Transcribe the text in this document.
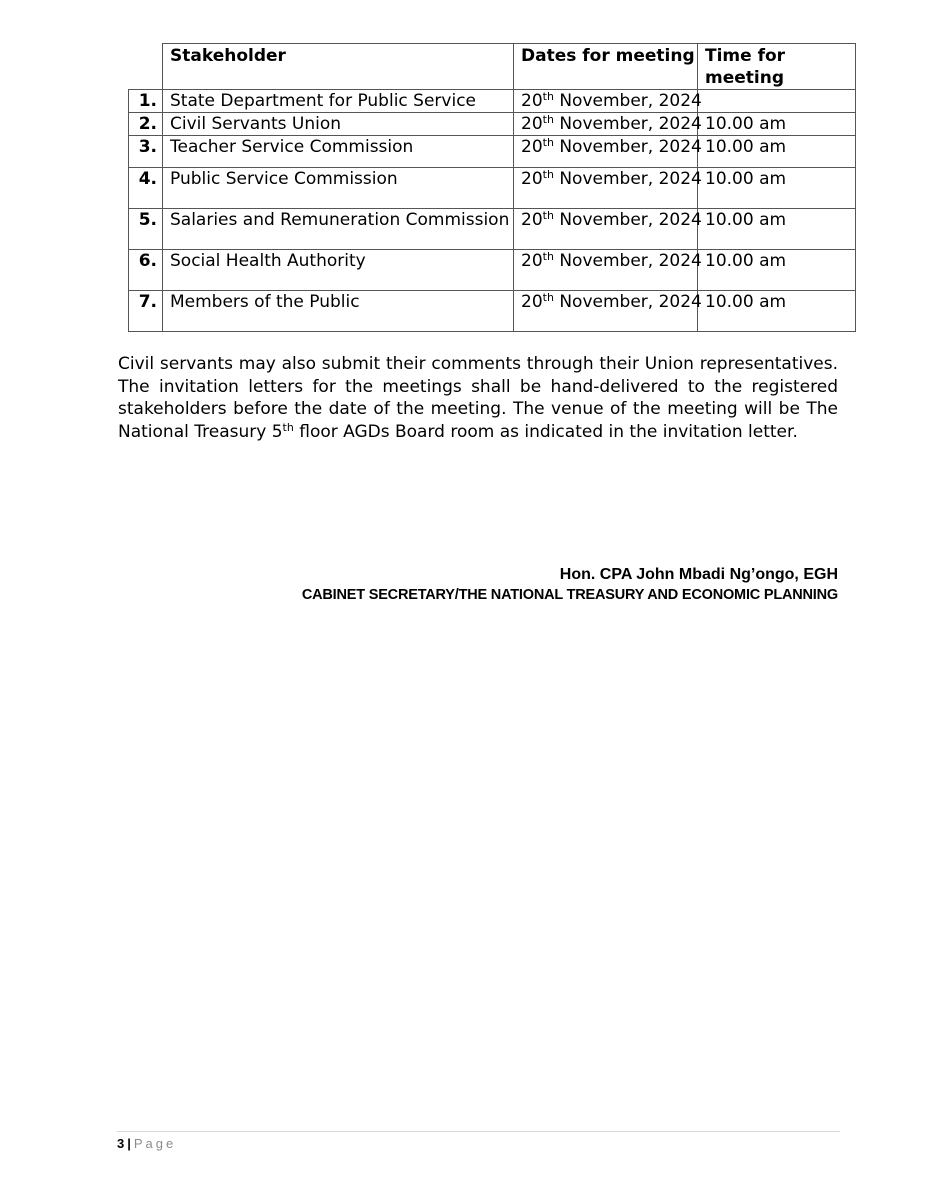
	Stakeholder	Dates for meeting	Time for
meeting
1.	State Department for Public Service	20th November, 2024	
2.	Civil Servants Union	20th November, 2024	10.00 am
3.	Teacher Service Commission	20th November, 2024	10.00 am
4.	Public Service Commission	20th November, 2024	10.00 am
5.	Salaries and Remuneration Commission	20th November, 2024	10.00 am
6.	Social Health Authority	20th November, 2024	10.00 am
7.	Members of the Public	20th November, 2024	10.00 am

Civil servants may also submit their comments through their Union representatives. The invitation letters for the meetings shall be hand-delivered to the registered stakeholders before the date of the meeting. The venue of the meeting will be The National Treasury 5th floor AGDs Board room as indicated in the invitation letter.

Hon. CPA John Mbadi Ng’ongo, EGH
CABINET SECRETARY/THE NATIONAL TREASURY AND ECONOMIC PLANNING
3 | Page
